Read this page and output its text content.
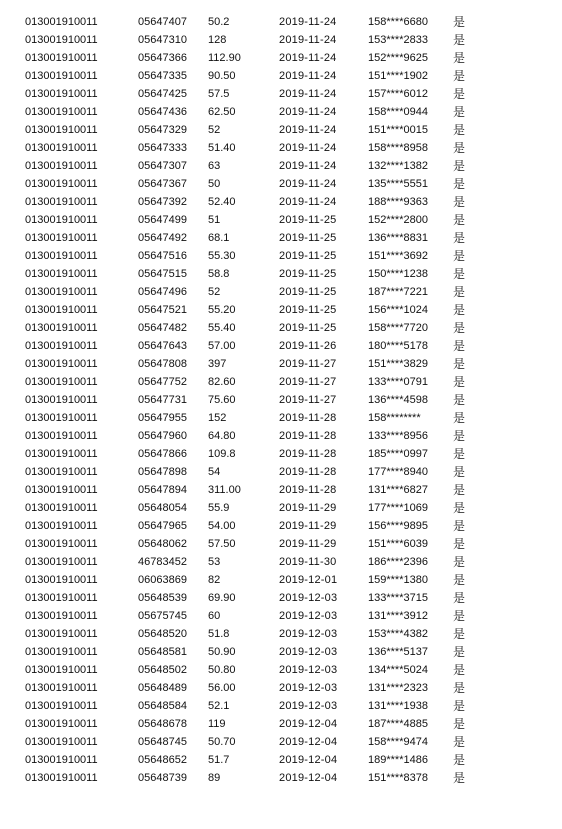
013001910011	05647407 50.2	2019-11-24	158****6680 是
013001910011	05647310 128	2019-11-24	153****2833 是
013001910011	05647366 112.90	2019-11-24	152****9625 是
013001910011	05647335 90.50	2019-11-24	151****1902 是
013001910011	05647425 57.5	2019-11-24	157****6012 是
013001910011	05647436 62.50	2019-11-24	158****0944 是
013001910011	05647329 52	2019-11-24	151****0015 是
013001910011	05647333 51.40	2019-11-24	158****8958 是
013001910011	05647307 63	2019-11-24	132****1382 是
013001910011	05647367 50	2019-11-24	135****5551 是
013001910011	05647392 52.40	2019-11-24	188****9363 是
013001910011	05647499 51	2019-11-25	152****2800 是
013001910011	05647492 68.1	2019-11-25	136****8831 是
013001910011	05647516 55.30	2019-11-25	151****3692 是
013001910011	05647515 58.8	2019-11-25	150****1238 是
013001910011	05647496 52	2019-11-25	187****7221 是
013001910011	05647521 55.20	2019-11-25	156****1024 是
013001910011	05647482 55.40	2019-11-25	158****7720 是
013001910011	05647643 57.00	2019-11-26	180****5178 是
013001910011	05647808 397	2019-11-27	151****3829 是
013001910011	05647752 82.60	2019-11-27	133****0791 是
013001910011	05647731 75.60	2019-11-27	136****4598 是
013001910011	05647955 152	2019-11-28	158********	是
013001910011	05647960 64.80	2019-11-28	133****8956 是
013001910011	05647866 109.8	2019-11-28	185****0997 是
013001910011	05647898 54	2019-11-28	177****8940 是
013001910011	05647894 311.00	2019-11-28	131****6827 是
013001910011	05648054 55.9	2019-11-29	177****1069 是
013001910011	05647965 54.00	2019-11-29	156****9895 是
013001910011	05648062 57.50	2019-11-29	151****6039 是
013001910011	46783452 53	2019-11-30	186****2396 是
013001910011	06063869 82	2019-12-01	159****1380 是
013001910011	05648539 69.90	2019-12-03	133****3715 是
013001910011	05675745 60	2019-12-03	131****3912 是
013001910011	05648520 51.8	2019-12-03	153****4382 是
013001910011	05648581 50.90	2019-12-03	136****5137 是
013001910011	05648502 50.80	2019-12-03	134****5024 是
013001910011	05648489 56.00	2019-12-03	131****2323 是
013001910011	05648584 52.1	2019-12-03	131****1938 是
013001910011	05648678 119	2019-12-04	187****4885 是
013001910011	05648745 50.70	2019-12-04	158****9474 是
013001910011	05648652 51.7	2019-12-04	189****1486 是
013001910011	05648739 89	2019-12-04	151****8378 是
